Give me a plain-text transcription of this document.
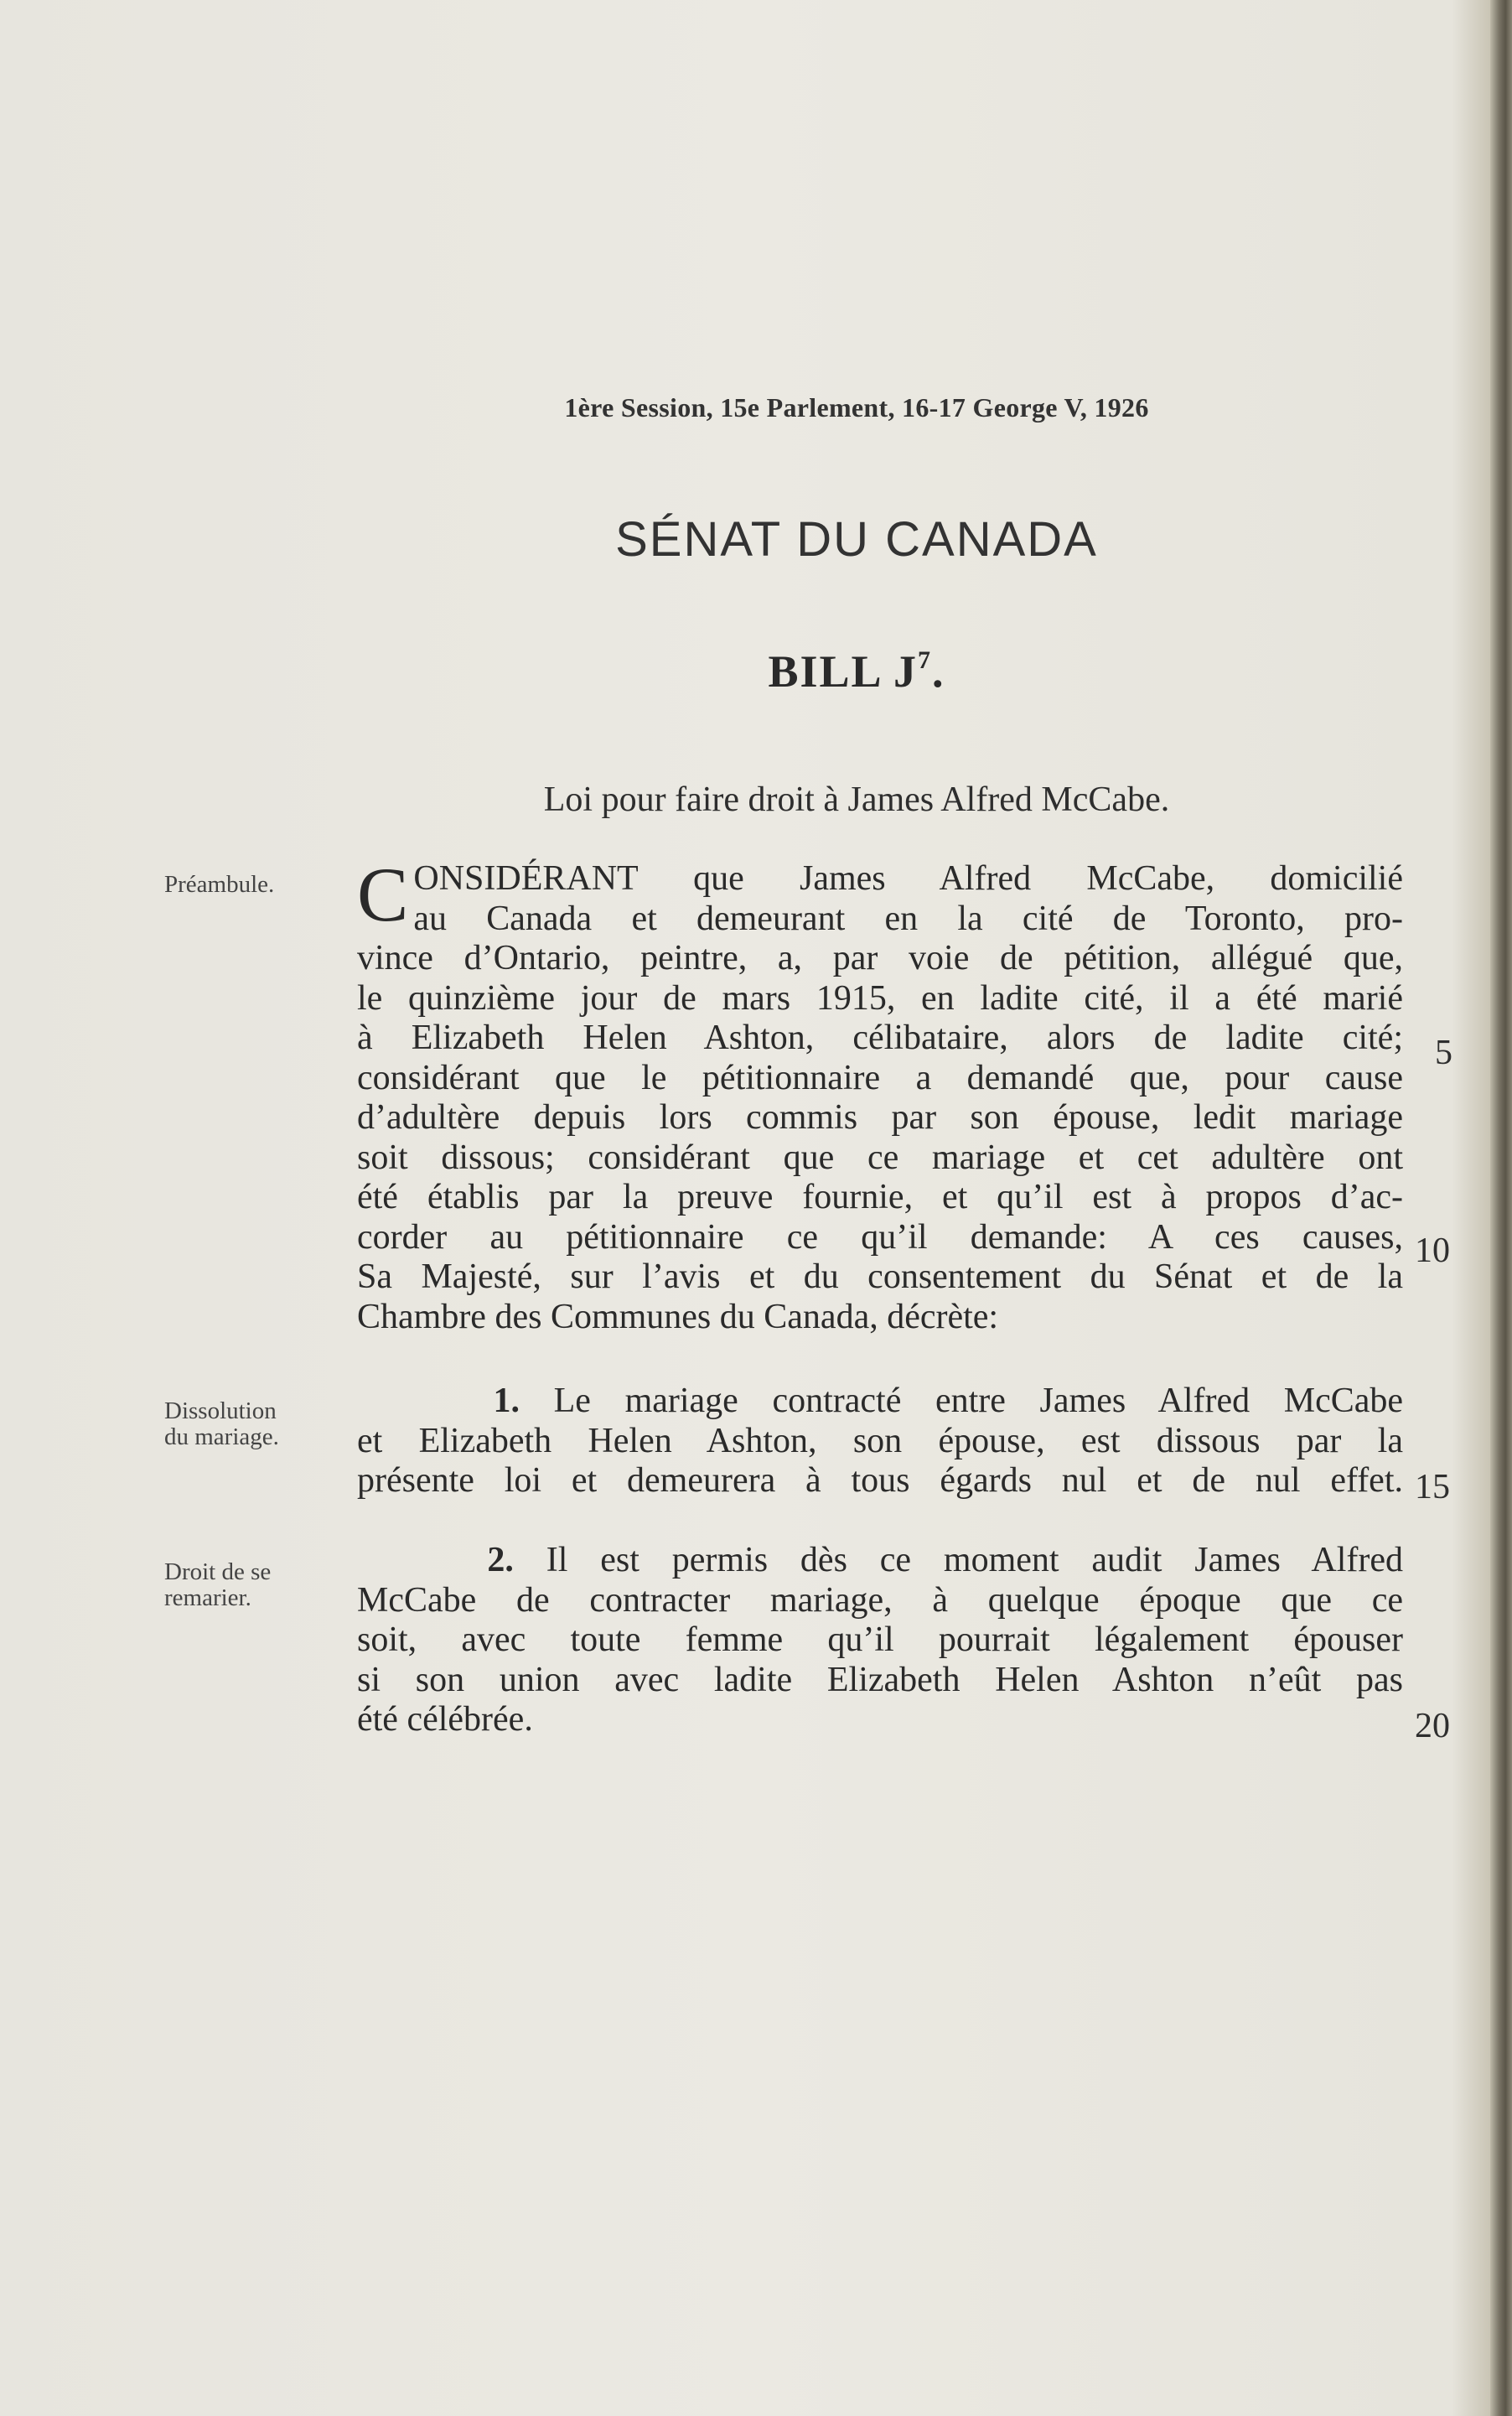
1ère Session, 15e Parlement, 16-17 George V, 1926
SÉNAT DU CANADA
BILL $J^7$.
Loi pour faire droit à James Alfred McCabe.
Préambule.
Dissolution
du mariage.
Droit de se
remarier.
C ONSIDÉRANT que James Alfred McCabe, domicilié
au Canada et demeurant en la cité de Toronto, pro-
vince d’Ontario, peintre, a, par voie de pétition, allégué que,
le quinzième jour de mars 1915, en ladite cité, il a été marié
à Elizabeth Helen Ashton, célibataire, alors de ladite cité;
considérant que le pétitionnaire a demandé que, pour cause
d’adultère depuis lors commis par son épouse, ledit mariage
soit dissous; considérant que ce mariage et cet adultère ont
été établis par la preuve fournie, et qu’il est à propos d’ac-
corder au pétitionnaire ce qu’il demande: A ces causes,
Sa Majesté, sur l’avis et du consentement du Sénat et de la
Chambre des Communes du Canada, décrète:
1. Le mariage contracté entre James Alfred McCabe
et Elizabeth Helen Ashton, son épouse, est dissous par la
présente loi et demeurera à tous égards nul et de nul effet.
2. Il est permis dès ce moment audit James Alfred
McCabe de contracter mariage, à quelque époque que ce
soit, avec toute femme qu’il pourrait légalement épouser
si son union avec ladite Elizabeth Helen Ashton n’eût pas
été célébrée.
5
10
15
20
